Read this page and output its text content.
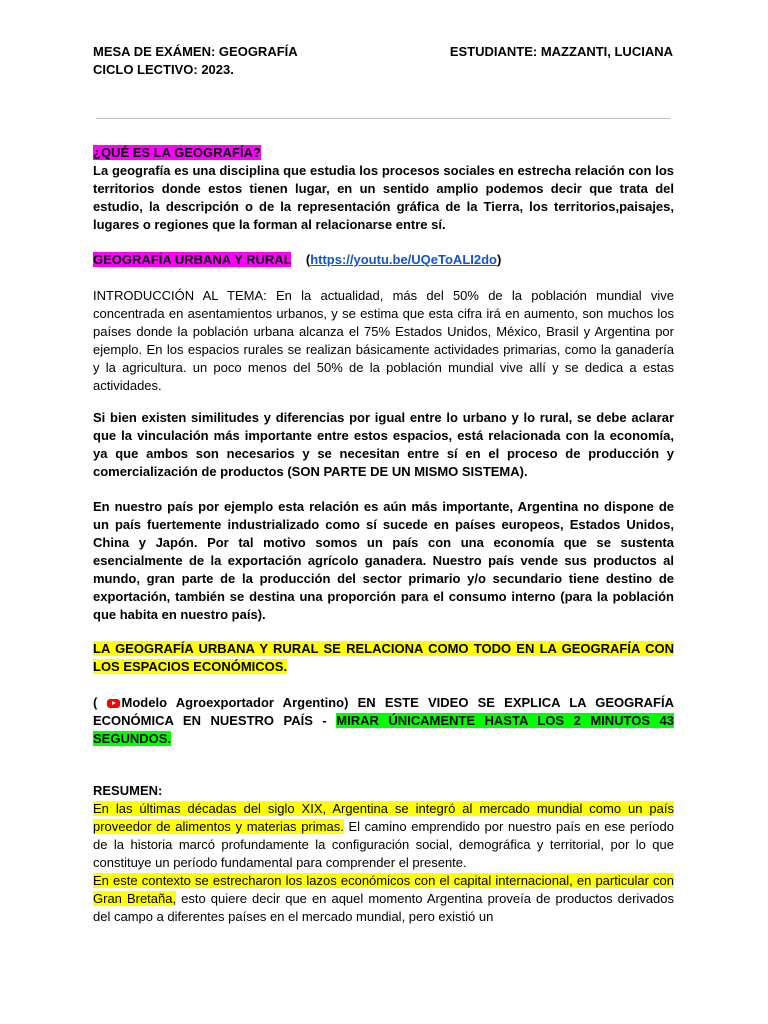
MESA DE EXÁMEN: GEOGRAFÍA
CICLO LECTIVO: 2023.
ESTUDIANTE: MAZZANTI, LUCIANA
¿QUÉ ES LA GEOGRAFÍA?
La geografía es una disciplina que estudia los procesos sociales en estrecha relación con los territorios donde estos tienen lugar, en un sentido amplio podemos decir que trata del estudio, la descripción o de la representación gráfica de la Tierra, los territorios,paisajes, lugares o regiones que la forman al relacionarse entre sí.
GEOGRAFÍA URBANA Y RURAL (https://youtu.be/UQeToALI2do)
INTRODUCCIÓN AL TEMA: En la actualidad, más del 50% de la población mundial vive concentrada en asentamientos urbanos, y se estima que esta cifra irá en aumento, son muchos los países donde la población urbana alcanza el 75% Estados Unidos, México, Brasil y Argentina por ejemplo. En los espacios rurales se realizan básicamente actividades primarias, como la ganadería y la agricultura. un poco menos del 50% de la población mundial vive allí y se dedica a estas actividades.
Si bien existen similitudes y diferencias por igual entre lo urbano y lo rural, se debe aclarar que la vinculación más importante entre estos espacios, está relacionada con la economía, ya que ambos son necesarios y se necesitan entre sí en el proceso de producción y comercialización de productos (SON PARTE DE UN MISMO SISTEMA).
En nuestro país por ejemplo esta relación es aún más importante, Argentina no dispone de un país fuertemente industrializado como sí sucede en países europeos, Estados Unidos, China y Japón. Por tal motivo somos un país con una economía que se sustenta esencialmente de la exportación agrícolo ganadera. Nuestro país vende sus productos al mundo, gran parte de la producción del sector primario y/o secundario tiene destino de exportación, también se destina una proporción para el consumo interno (para la población que habita en nuestro país).
LA GEOGRAFÍA URBANA Y RURAL SE RELACIONA COMO TODO EN LA GEOGRAFÍA CON LOS ESPACIOS ECONÓMICOS.
( Modelo Agroexportador Argentino) EN ESTE VIDEO SE EXPLICA LA GEOGRAFÍA ECONÓMICA EN NUESTRO PAÍS - MIRAR ÚNICAMENTE HASTA LOS 2 MINUTOS 43 SEGUNDOS.
RESUMEN:
En las últimas décadas del siglo XIX, Argentina se integró al mercado mundial como un país proveedor de alimentos y materias primas. El camino emprendido por nuestro país en ese período de la historia marcó profundamente la configuración social, demográfica y territorial, por lo que constituye un período fundamental para comprender el presente.
En este contexto se estrecharon los lazos económicos con el capital internacional, en particular con Gran Bretaña, esto quiere decir que en aquel momento Argentina proveía de productos derivados del campo a diferentes países en el mercado mundial, pero existió un
